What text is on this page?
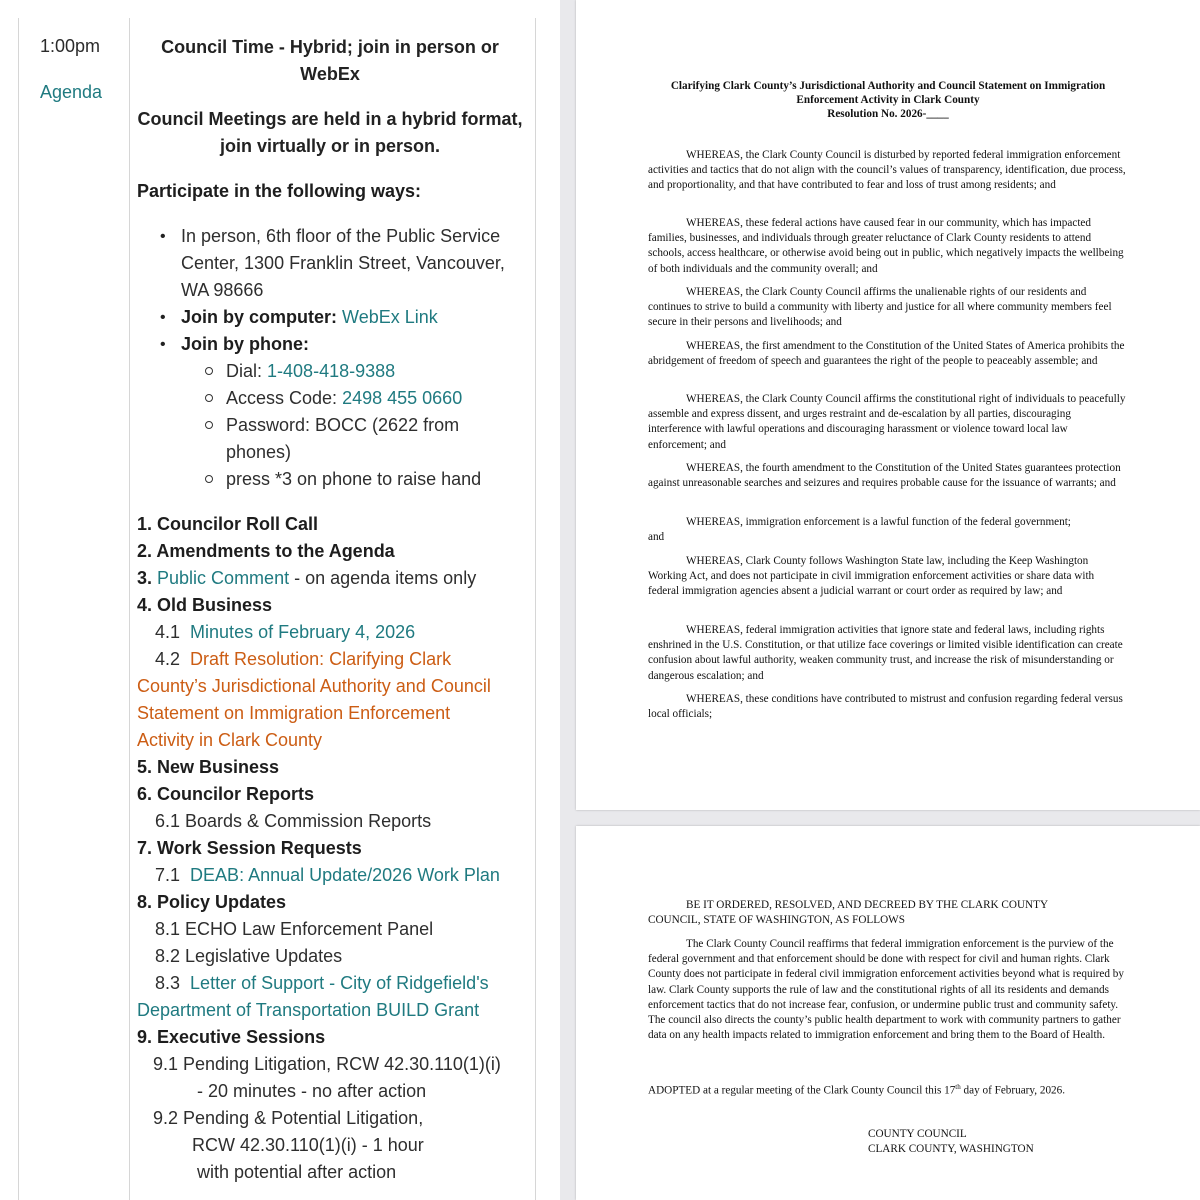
1:00pm
Agenda
Council Time - Hybrid; join in person or
WebEx
Council Meetings are held in a hybrid format,
join virtually or in person.
Participate in the following ways:
• In person, 6th floor of the Public Service
Center, 1300 Franklin Street, Vancouver,
WA 98666
• Join by computer: WebEx Link
• Join by phone:
Dial: 1-408-418-9388
Access Code: 2498 455 0660
Password: BOCC (2622 from
phones)
press *3 on phone to raise hand
1. Councilor Roll Call
2. Amendments to the Agenda
3. Public Comment - on agenda items only
4. Old Business
4.1 Minutes of February 4, 2026
4.2 Draft Resolution: Clarifying Clark
County’s Jurisdictional Authority and Council
Statement on Immigration Enforcement
Activity in Clark County
5. New Business
6. Councilor Reports
6.1 Boards & Commission Reports
7. Work Session Requests
7.1 DEAB: Annual Update/2026 Work Plan
8. Policy Updates
8.1 ECHO Law Enforcement Panel
8.2 Legislative Updates
8.3 Letter of Support - City of Ridgefield's
Department of Transportation BUILD Grant
9. Executive Sessions
9.1 Pending Litigation, RCW 42.30.110(1)(i)
- 20 minutes - no after action
9.2 Pending & Potential Litigation,
RCW 42.30.110(1)(i) - 1 hour
with potential after action
Clarifying Clark County’s Jurisdictional Authority and Council Statement on Immigration
Enforcement Activity in Clark County
Resolution No. 2026-____
WHEREAS, the Clark County Council is disturbed by reported federal immigration enforcement activities and tactics that do not align with the council’s values of transparency, identification, due process, and proportionality, and that have contributed to fear and loss of trust among residents; and
WHEREAS, these federal actions have caused fear in our community, which has impacted families, businesses, and individuals through greater reluctance of Clark County residents to attend schools, access healthcare, or otherwise avoid being out in public, which negatively impacts the wellbeing of both individuals and the community overall; and
WHEREAS, the Clark County Council affirms the unalienable rights of our residents and continues to strive to build a community with liberty and justice for all where community members feel secure in their persons and livelihoods; and
WHEREAS, the first amendment to the Constitution of the United States of America prohibits the abridgement of freedom of speech and guarantees the right of the people to peaceably assemble; and
WHEREAS, the Clark County Council affirms the constitutional right of individuals to peacefully assemble and express dissent, and urges restraint and de-escalation by all parties, discouraging interference with lawful operations and discouraging harassment or violence toward local law enforcement; and
WHEREAS, the fourth amendment to the Constitution of the United States guarantees protection against unreasonable searches and seizures and requires probable cause for the issuance of warrants; and
WHEREAS, immigration enforcement is a lawful function of the federal government;
and
WHEREAS, Clark County follows Washington State law, including the Keep Washington Working Act, and does not participate in civil immigration enforcement activities or share data with federal immigration agencies absent a judicial warrant or court order as required by law; and
WHEREAS, federal immigration activities that ignore state and federal laws, including rights enshrined in the U.S. Constitution, or that utilize face coverings or limited visible identification can create confusion about lawful authority, weaken community trust, and increase the risk of misunderstanding or dangerous escalation; and
WHEREAS, these conditions have contributed to mistrust and confusion regarding federal versus local officials;
BE IT ORDERED, RESOLVED, AND DECREED BY THE CLARK COUNTY
COUNCIL, STATE OF WASHINGTON, AS FOLLOWS
The Clark County Council reaffirms that federal immigration enforcement is the purview of the federal government and that enforcement should be done with respect for civil and human rights. Clark County does not participate in federal civil immigration enforcement activities beyond what is required by law. Clark County supports the rule of law and the constitutional rights of all its residents and demands enforcement tactics that do not increase fear, confusion, or undermine public trust and community safety. The council also directs the county’s public health department to work with community partners to gather data on any health impacts related to immigration enforcement and bring them to the Board of Health.
ADOPTED at a regular meeting of the Clark County Council this 17th day of February, 2026.
COUNTY COUNCIL
CLARK COUNTY, WASHINGTON
